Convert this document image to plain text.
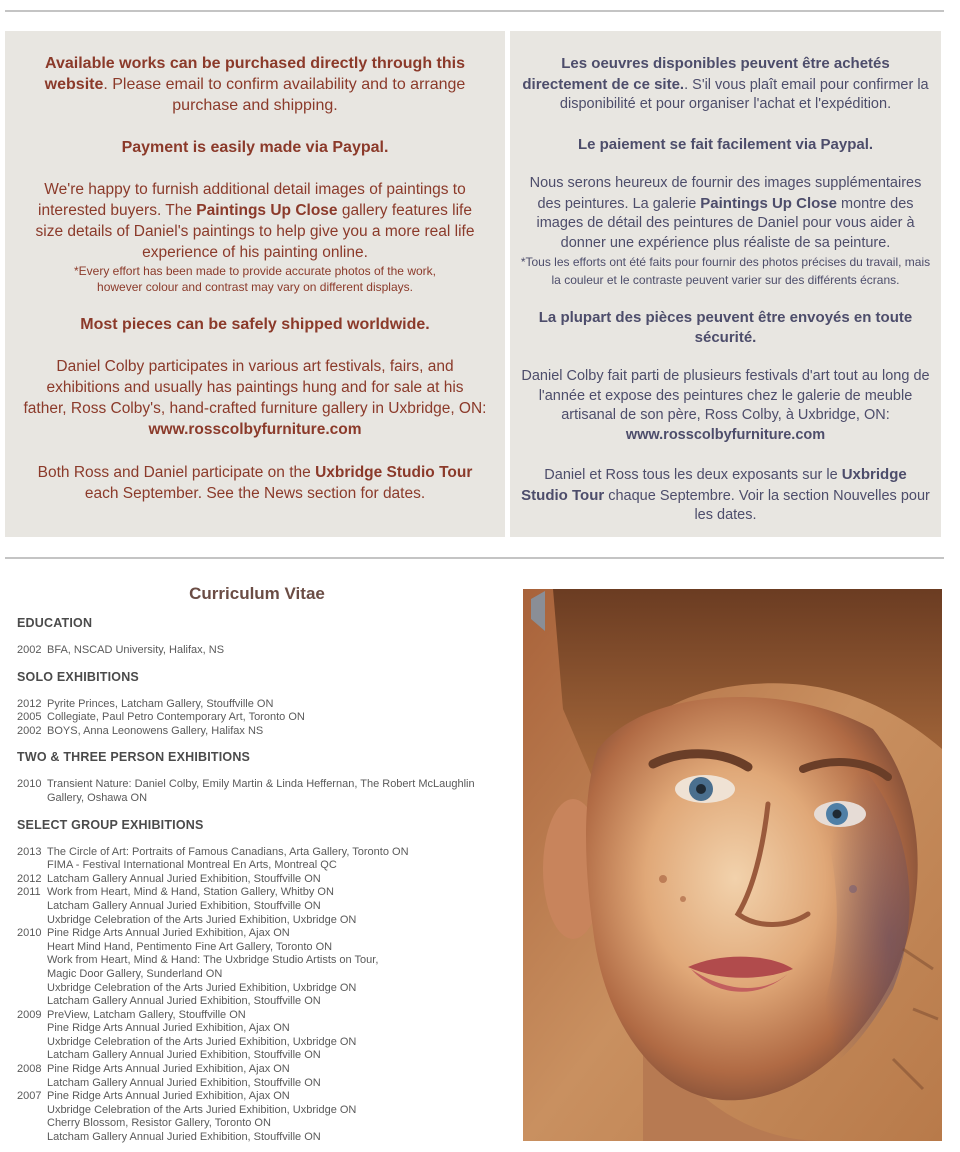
Available works can be purchased directly through this website. Please email to confirm availability and to arrange purchase and shipping.

Payment is easily made via Paypal.

We're happy to furnish additional detail images of paintings to interested buyers. The Paintings Up Close gallery features life size details of Daniel's paintings to help give you a more real life experience of his painting online.

*Every effort has been made to provide accurate photos of the work,

however colour and contrast may vary on different displays.

Most pieces can be safely shipped worldwide.

Daniel Colby participates in various art festivals, fairs, and exhibitions and usually has paintings hung and for sale at his father, Ross Colby's, hand-crafted furniture gallery in Uxbridge, ON:

www.rosscolbyfurniture.com

Both Ross and Daniel participate on the Uxbridge Studio Tour each September. See the News section for dates.

Les oeuvres disponibles peuvent être achetés directement de ce site.. S'il vous plaît email pour confirmer la disponibilité et pour organiser l'achat et l'expédition.

Le paiement se fait facilement via Paypal.

Nous serons heureux de fournir des images supplémentaires des peintures. La galerie Paintings Up Close montre des images de détail des peintures de Daniel pour vous aider à donner une expérience plus réaliste de sa peinture.

*Tous les efforts ont été faits pour fournir des photos précises du travail, mais la couleur et le contraste peuvent varier sur des différents écrans.

La plupart des pièces peuvent être envoyés en toute sécurité.

Daniel Colby fait parti de plusieurs festivals d'art tout au long de l'année et expose des peintures chez le galerie de meuble artisanal de son père, Ross Colby, à Uxbridge, ON:

www.rosscolbyfurniture.com

Daniel et Ross tous les deux exposants sur le Uxbridge Studio Tour chaque Septembre. Voir la section Nouvelles pour les dates.

Curriculum Vitae
EDUCATION
2002 BFA, NSCAD University, Halifax, NS
SOLO EXHIBITIONS
2012 Pyrite Princes, Latcham Gallery, Stouffville ON
2005 Collegiate, Paul Petro Contemporary Art, Toronto ON
2002 BOYS, Anna Leonowens Gallery, Halifax NS
TWO & THREE PERSON EXHIBITIONS
2010 Transient Nature: Daniel Colby, Emily Martin & Linda Heffernan, The Robert McLaughlin Gallery, Oshawa ON
SELECT GROUP EXHIBITIONS
2013 The Circle of Art: Portraits of Famous Canadians, Arta Gallery, Toronto ON
FIMA - Festival International Montreal En Arts, Montreal QC
2012 Latcham Gallery Annual Juried Exhibition, Stouffville ON
2011 Work from Heart, Mind & Hand, Station Gallery, Whitby ON
Latcham Gallery Annual Juried Exhibition, Stouffville ON
Uxbridge Celebration of the Arts Juried Exhibition, Uxbridge ON
2010 Pine Ridge Arts Annual Juried Exhibition, Ajax ON
Heart Mind Hand, Pentimento Fine Art Gallery, Toronto ON
Work from Heart, Mind & Hand: The Uxbridge Studio Artists on Tour,
Magic Door Gallery, Sunderland ON
Uxbridge Celebration of the Arts Juried Exhibition, Uxbridge ON
Latcham Gallery Annual Juried Exhibition, Stouffville ON
2009 PreView, Latcham Gallery, Stouffville ON
Pine Ridge Arts Annual Juried Exhibition, Ajax ON
Uxbridge Celebration of the Arts Juried Exhibition, Uxbridge ON
Latcham Gallery Annual Juried Exhibition, Stouffville ON
2008 Pine Ridge Arts Annual Juried Exhibition, Ajax ON
Latcham Gallery Annual Juried Exhibition, Stouffville ON
2007 Pine Ridge Arts Annual Juried Exhibition, Ajax ON
Uxbridge Celebration of the Arts Juried Exhibition, Uxbridge ON
Cherry Blossom, Resistor Gallery, Toronto ON
Latcham Gallery Annual Juried Exhibition, Stouffville ON
